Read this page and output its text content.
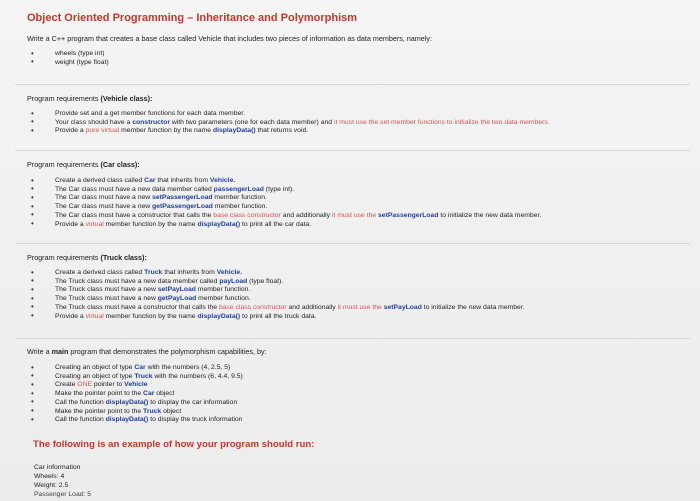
Object Oriented Programming – Inheritance and Polymorphism
Write a C++ program that creates a base class called Vehicle that includes two pieces of information as data members, namely:
• wheels (type int)
• weight (type float)
Program requirements (Vehicle class):
• Provide set and a get member functions for each data member.
• Your class should have a constructor with two parameters (one for each data member) and it must use the set member functions to initialize the two data members.
• Provide a pure virtual member function by the name displayData() that returns void.
Program requirements (Car class):
• Create a derived class called Car that inherits from Vehicle.
• The Car class must have a new data member called passengerLoad (type int).
• The Car class must have a new setPassengerLoad member function.
• The Car class must have a new getPassengerLoad member function.
• The Car class must have a constructor that calls the base class constructor and additionally it must use the setPassengerLoad to initialize the new data member.
• Provide a virtual member function by the name displayData() to print all the car data.
Program requirements (Truck class):
• Create a derived class called Truck that inherits from Vehicle.
• The Truck class must have a new data member called payLoad (type float).
• The Truck class must have a new setPayLoad member function.
• The Truck class must have a new getPayLoad member function.
• The Truck class must have a constructor that calls the base class constructor and additionally it must use the setPayLoad to initialize the new data member.
• Provide a virtual member function by the name displayData() to print all the truck data.
Write a main program that demonstrates the polymorphism capabilities, by:
• Creating an object of type Car with the numbers (4, 2.5, 5)
• Creating an object of type Truck with the numbers (6, 4.4, 9.5)
• Create ONE pointer to Vehicle
• Make the pointer point to the Car object
• Call the function displayData() to display the car information
• Make the pointer point to the Truck object
• Call the function displayData() to display the truck information
The following is an example of how your program should run:
Car information
Wheels: 4
Weight: 2.5
Passenger Load: 5
